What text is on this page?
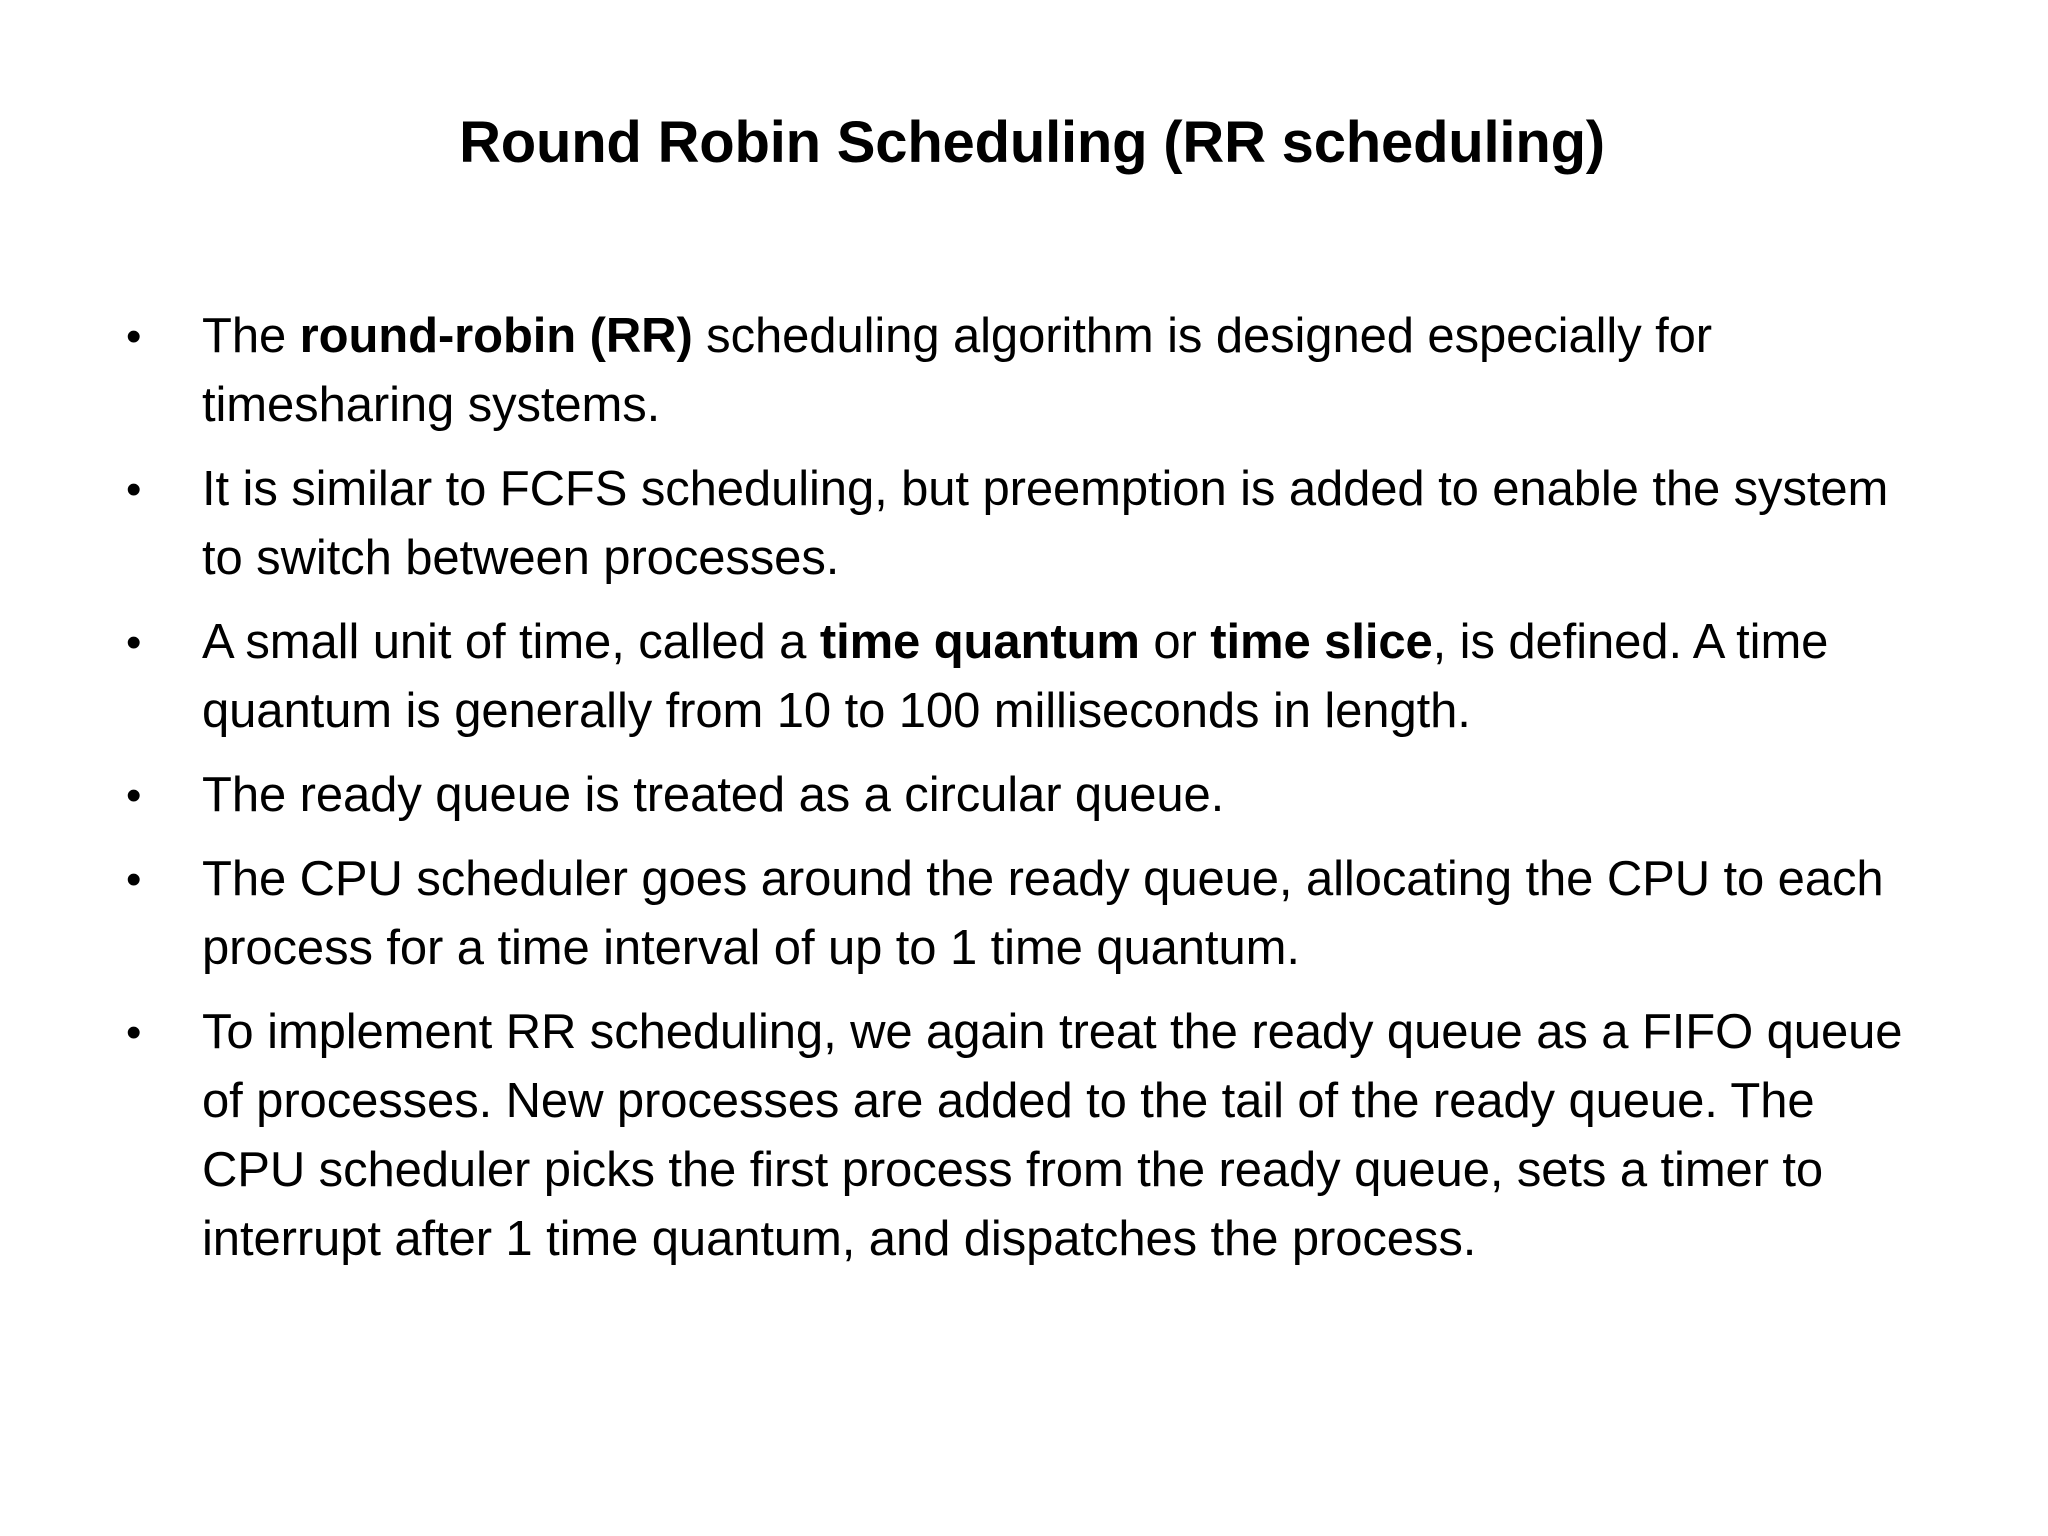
Round Robin Scheduling (RR scheduling)
• The round-robin (RR) scheduling algorithm is designed especially for timesharing systems.
• It is similar to FCFS scheduling, but preemption is added to enable the system to switch between processes.
• A small unit of time, called a time quantum or time slice, is defined. A time quantum is generally from 10 to 100 milliseconds in length.
• The ready queue is treated as a circular queue.
• The CPU scheduler goes around the ready queue, allocating the CPU to each process for a time interval of up to 1 time quantum.
• To implement RR scheduling, we again treat the ready queue as a FIFO queue of processes. New processes are added to the tail of the ready queue. The CPU scheduler picks the first process from the ready queue, sets a timer to interrupt after 1 time quantum, and dispatches the process.
